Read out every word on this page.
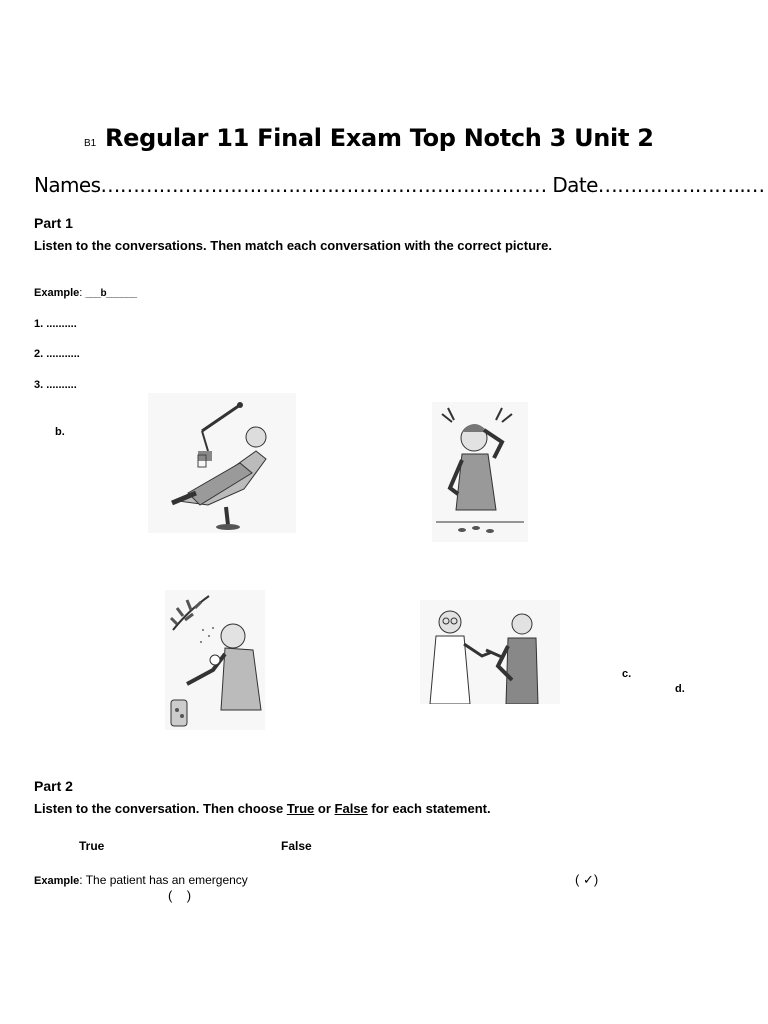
B1 Regular 11 Final Exam Top Notch 3 Unit 2
Names…………………………………………………………… Date…………………..…
Part 1
Listen to the conversations. Then match each conversation with the correct picture.
Example: ___b______
1. ..........
2. ...........
3. ..........
b.
c.
d.
Part 2
Listen to the conversation. Then choose True or False for each statement.
True	False
Example: The patient has an emergency	( ✓)
(    )
